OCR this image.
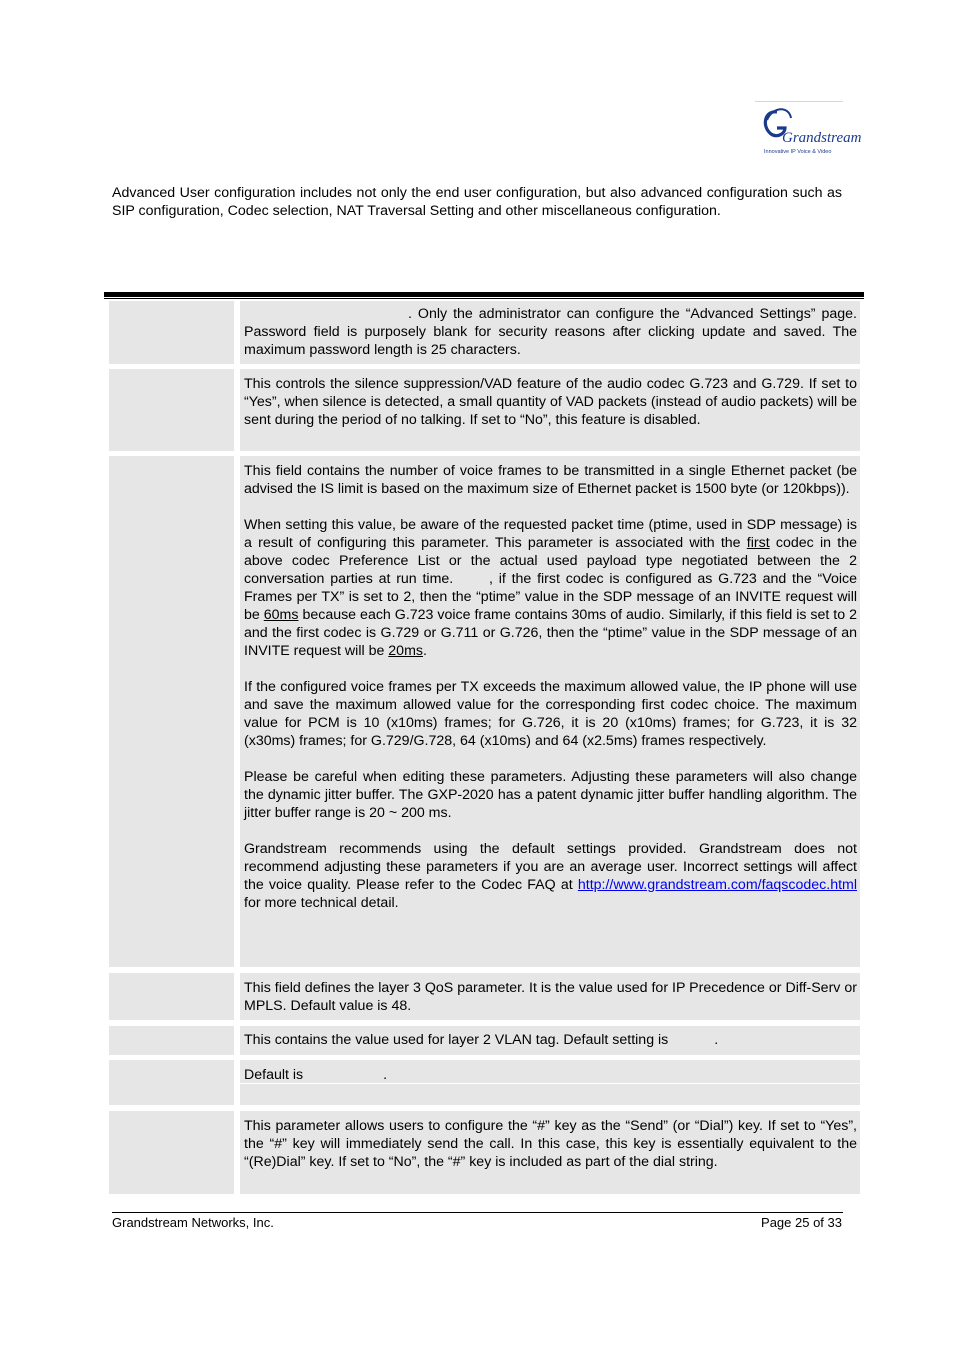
Grandstream
Innovative IP Voice & Video

Advanced User configuration includes not only the end user configuration, but also advanced configuration such as SIP configuration, Codec selection, NAT Traversal Setting and other miscellaneous configuration.

. Only the administrator can configure the “Advanced Settings” page. Password field is purposely blank for security reasons after clicking update and saved. The maximum password length is 25 characters.

This controls the silence suppression/VAD feature of the audio codec G.723 and G.729. If set to “Yes”, when silence is detected, a small quantity of VAD packets (instead of audio packets) will be sent during the period of no talking. If set to “No”, this feature is disabled.

This field contains the number of voice frames to be transmitted in a single Ethernet packet (be advised the IS limit is based on the maximum size of Ethernet packet is 1500 byte (or 120kbps)).

When setting this value, be aware of the requested packet time (ptime, used in SDP message) is a result of configuring this parameter. This parameter is associated with the first codec in the above codec Preference List or the actual used payload type negotiated between the 2 conversation parties at run time. , if the first codec is configured as G.723 and the “Voice Frames per TX” is set to 2, then the “ptime” value in the SDP message of an INVITE request will be 60ms because each G.723 voice frame contains 30ms of audio. Similarly, if this field is set to 2 and the first codec is G.729 or G.711 or G.726, then the “ptime” value in the SDP message of an INVITE request will be 20ms.

If the configured voice frames per TX exceeds the maximum allowed value, the IP phone will use and save the maximum allowed value for the corresponding first codec choice. The maximum value for PCM is 10 (x10ms) frames; for G.726, it is 20 (x10ms) frames; for G.723, it is 32 (x30ms) frames; for G.729/G.728, 64 (x10ms) and 64 (x2.5ms) frames respectively.

Please be careful when editing these parameters. Adjusting these parameters will also change the dynamic jitter buffer. The GXP-2020 has a patent dynamic jitter buffer handling algorithm. The jitter buffer range is 20 ~ 200 ms.

Grandstream recommends using the default settings provided. Grandstream does not recommend adjusting these parameters if you are an average user. Incorrect settings will affect the voice quality. Please refer to the Codec FAQ at http://www.grandstream.com/faqscodec.html for more technical detail.

This field defines the layer 3 QoS parameter. It is the value used for IP Precedence or Diff-Serv or MPLS. Default value is 48.

This contains the value used for layer 2 VLAN tag. Default setting is	.

Default is	.

This parameter allows users to configure the “#” key as the “Send” (or “Dial”) key. If set to “Yes”, the “#” key will immediately send the call. In this case, this key is essentially equivalent to the “(Re)Dial” key. If set to “No”, the “#” key is included as part of the dial string.

Grandstream Networks, Inc.	Page 25 of 33
